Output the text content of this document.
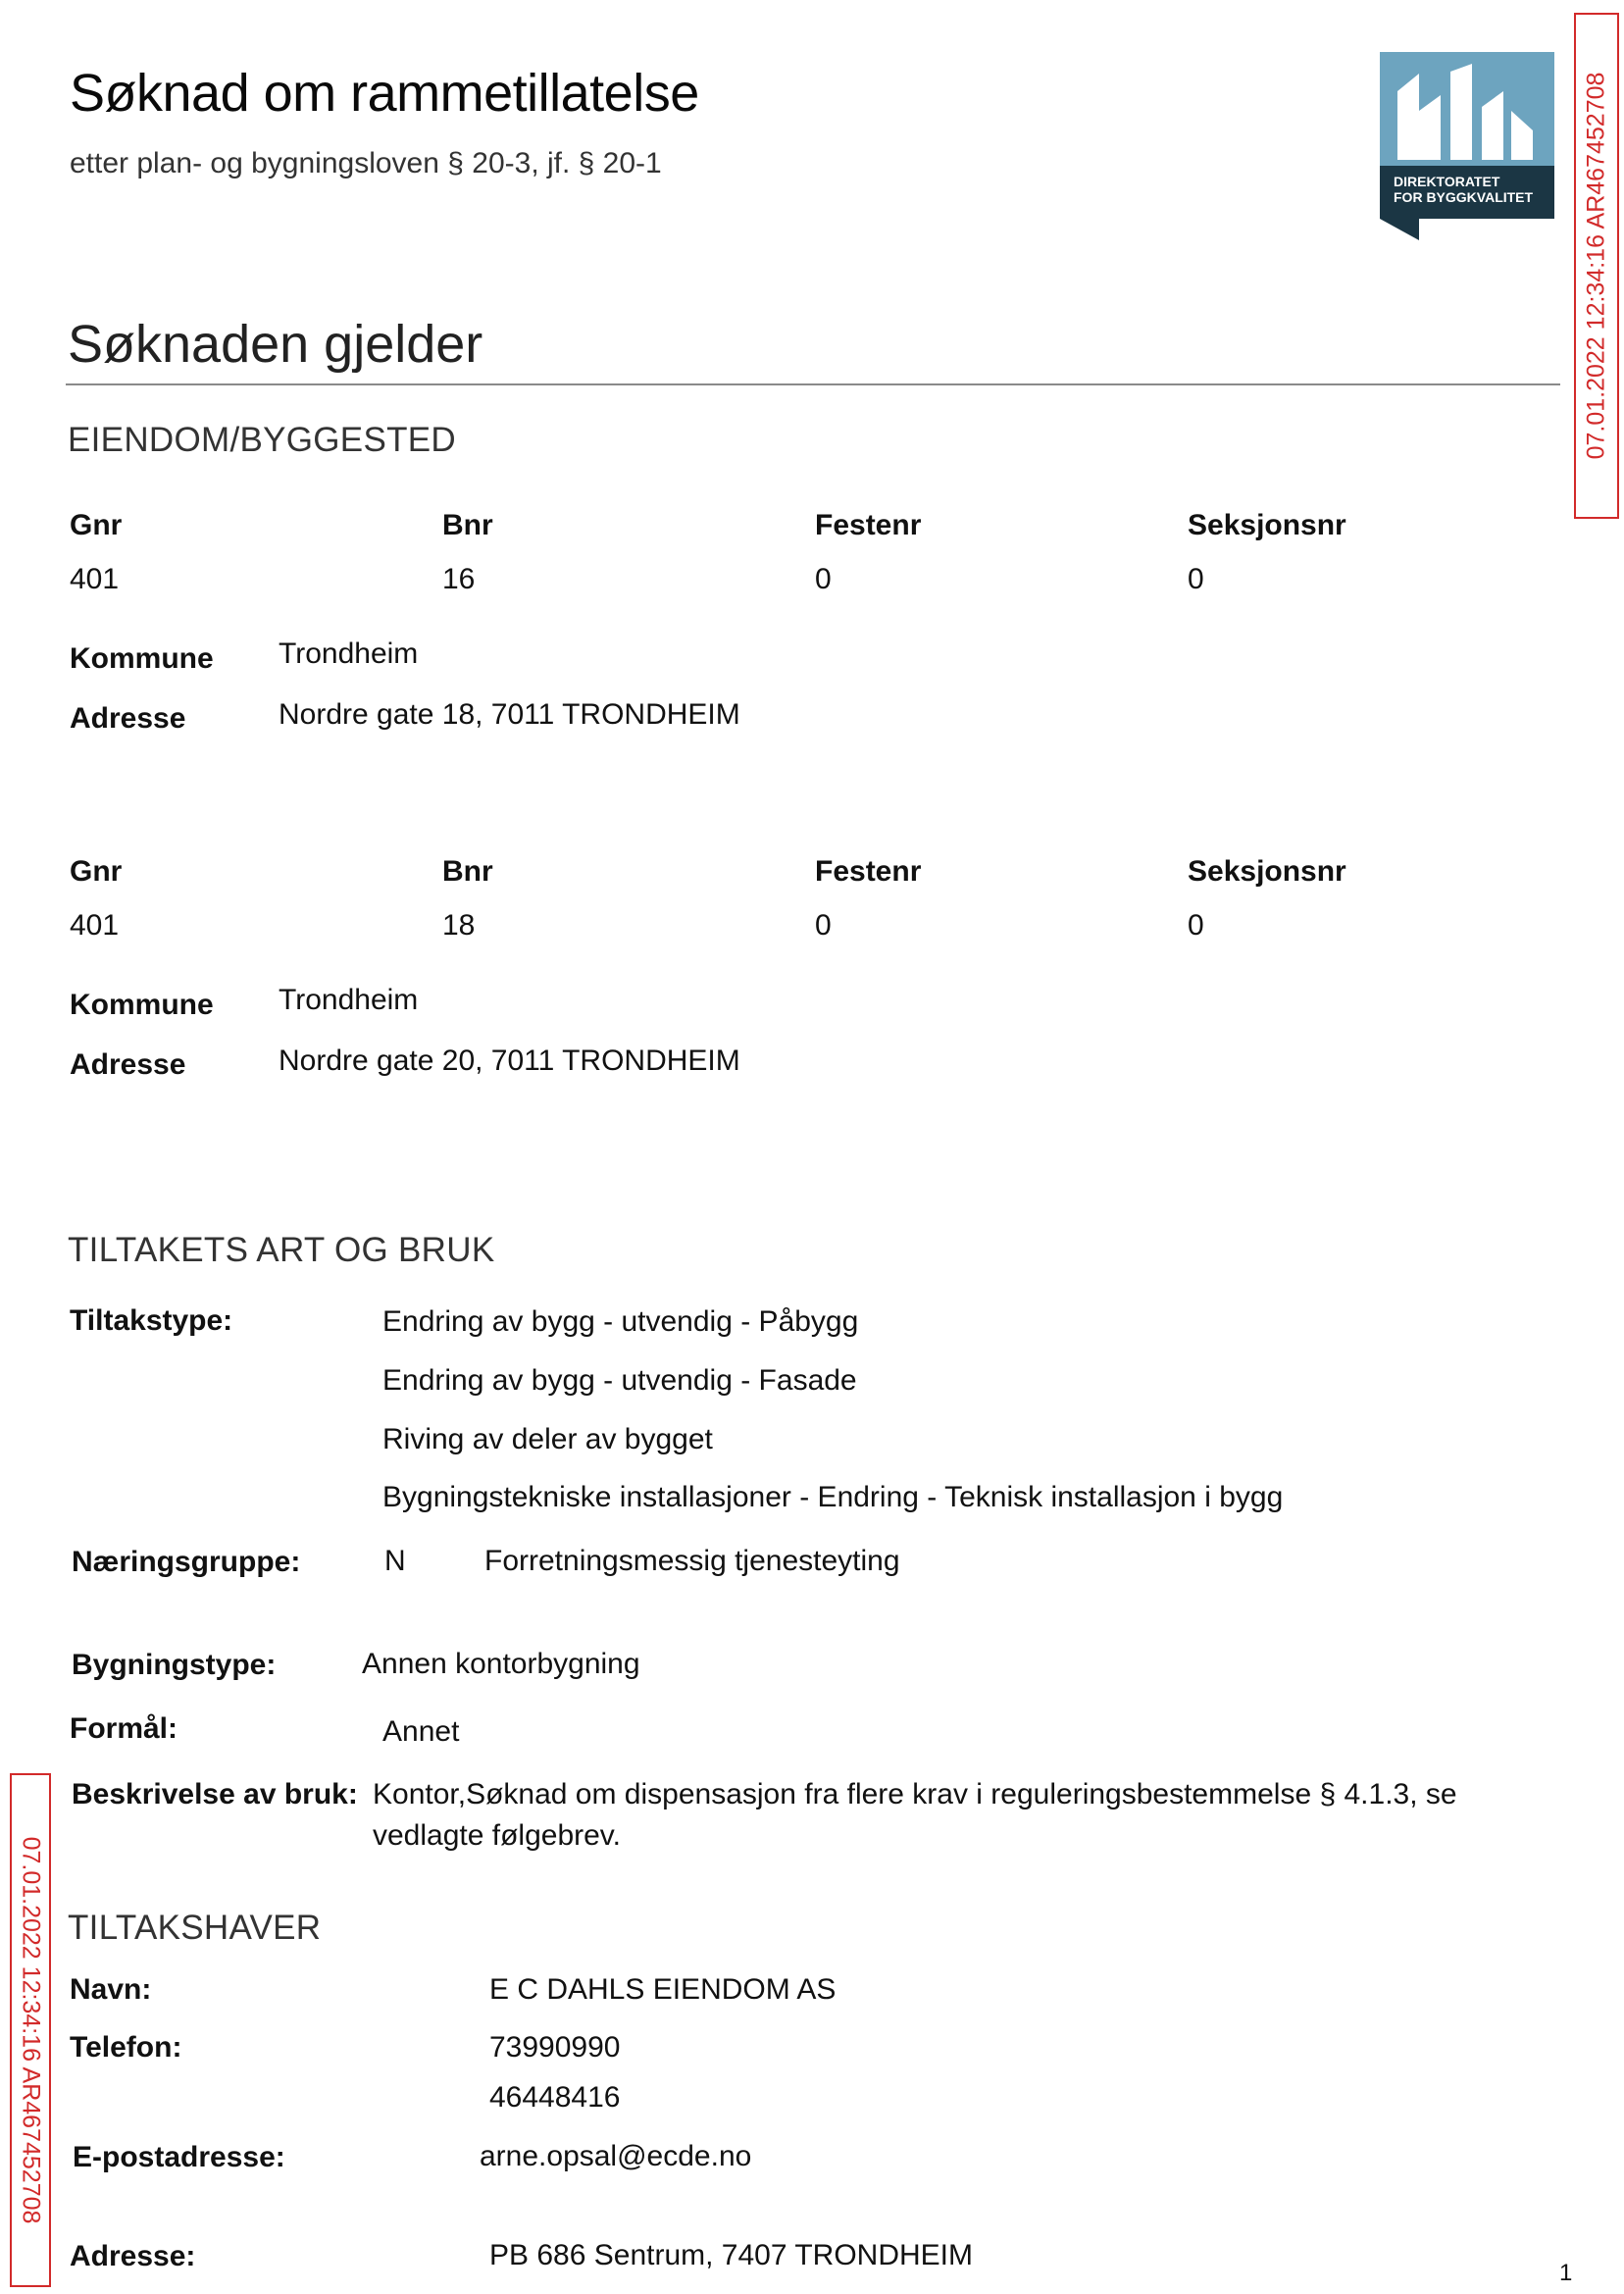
Søknad om rammetillatelse
etter plan- og bygningsloven § 20-3, jf. § 20-1
DIREKTORATET
FOR BYGGKVALITET 07.01.2022 12:34:16 AR467452708
Søknaden gjelder
EIENDOM/BYGGESTED
Gnr	Bnr	Festenr	Seksjonsnr
401	16	0	0
Kommune Trondheim
Adresse	Nordre gate 18, 7011 TRONDHEIM
Gnr	Bnr	Festenr	Seksjonsnr
401	18	0	0
Kommune Trondheim
Adresse	Nordre gate 20, 7011 TRONDHEIM
TILTAKETS ART OG BRUK
Tiltakstype:	Endring av bygg - utvendig - Påbygg
Endring av bygg - utvendig - Fasade
Riving av deler av bygget
Bygningstekniske installasjoner - Endring - Teknisk installasjon i bygg
Næringsgruppe:	N	Forretningsmessig tjenesteyting
Bygningstype:	Annen kontorbygning
Formål:	Annet
Beskrivelse av bruk: Kontor,Søknad om dispensasjon fra flere krav i reguleringsbestemmelse § 4.1.3, se
vedlagte følgebrev.
07.01.2022 12:34:16 AR467452708 TILTAKSHAVER
Navn:	E C DAHLS EIENDOM AS
Telefon:	73990990
46448416
E-postadresse:	arne.opsal@ecde.no
Adresse:	PB 686 Sentrum, 7407 TRONDHEIM
1
